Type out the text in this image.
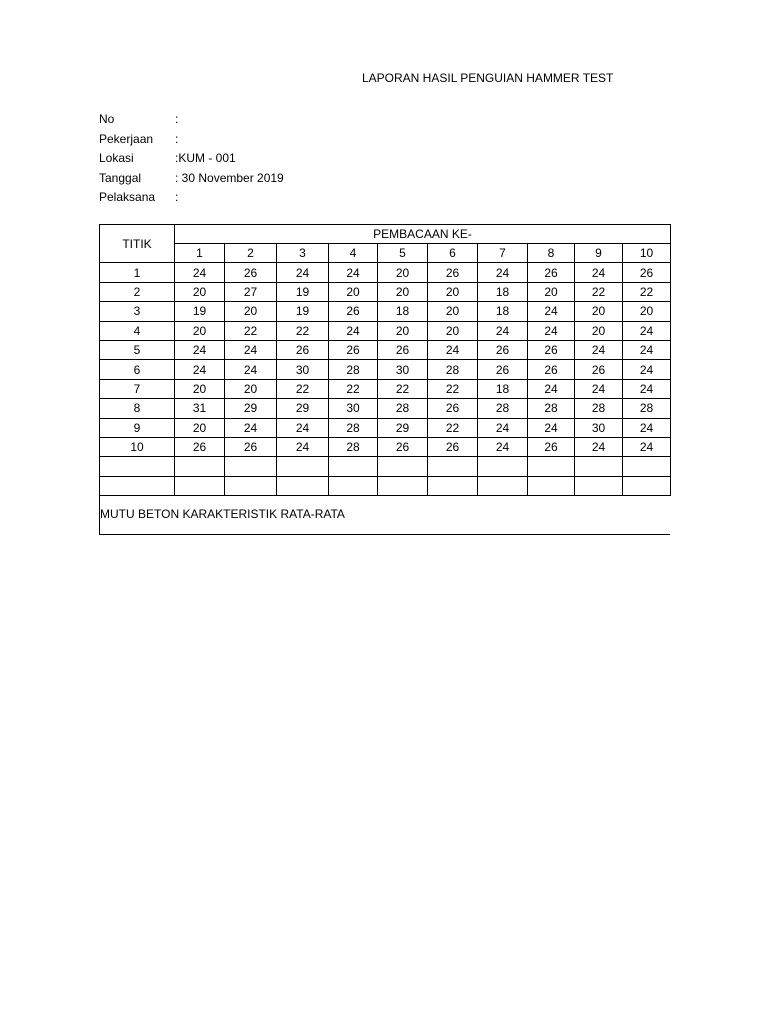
LAPORAN HASIL PENGUIAN HAMMER TEST
No	:
Pekerjaan	:
Lokasi	:KUM - 001
Tanggal	: 30 November 2019
Pelaksana	:
TITIK	PEMBACAAN KE-									
	1	2	3	4	5	6	7	8	9	10
1	24	26	24	24	20	26	24	26	24	26
2	20	27	19	20	20	20	18	20	22	22
3	19	20	19	26	18	20	18	24	20	20
4	20	22	22	24	20	20	24	24	20	24
5	24	24	26	26	26	24	26	26	24	24
6	24	24	30	28	30	28	26	26	26	24
7	20	20	22	22	22	22	18	24	24	24
8	31	29	29	30	28	26	28	28	28	28
9	20	24	24	28	29	22	24	24	30	24
10	26	26	24	28	26	26	24	26	24	24

MUTU BETON KARAKTERISTIK RATA-RATA
